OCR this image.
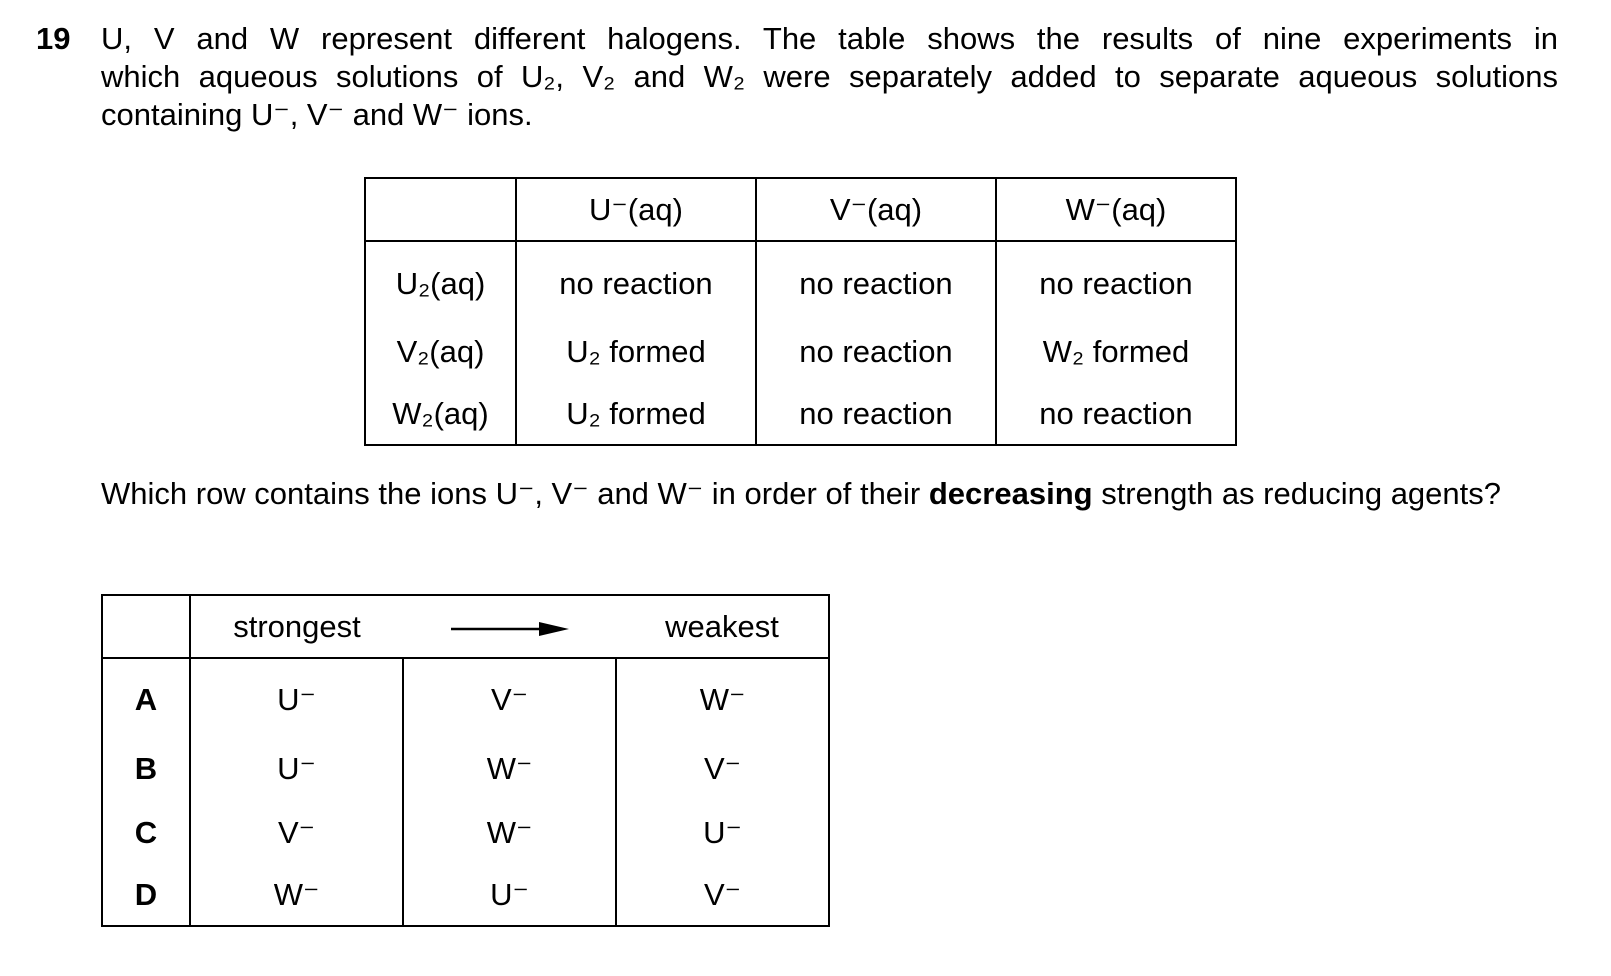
19 U, V and W represent different halogens. The table shows the results of nine experiments in
which aqueous solutions of U₂, V₂ and W₂ were separately added to separate aqueous solutions
containing U⁻, V⁻ and W⁻ ions.
	U⁻(aq)	V⁻(aq)	W⁻(aq)
U₂(aq)	no reaction	no reaction	no reaction
V₂(aq)	U₂ formed	no reaction	W₂ formed
W₂(aq)	U₂ formed	no reaction	no reaction
Which row contains the ions U⁻, V⁻ and W⁻ in order of their decreasing strength as reducing agents?
	strongest		weakest
A	U⁻	V⁻	W⁻
B	U⁻	W⁻	V⁻
C	V⁻	W⁻	U⁻
D	W⁻	U⁻	V⁻
